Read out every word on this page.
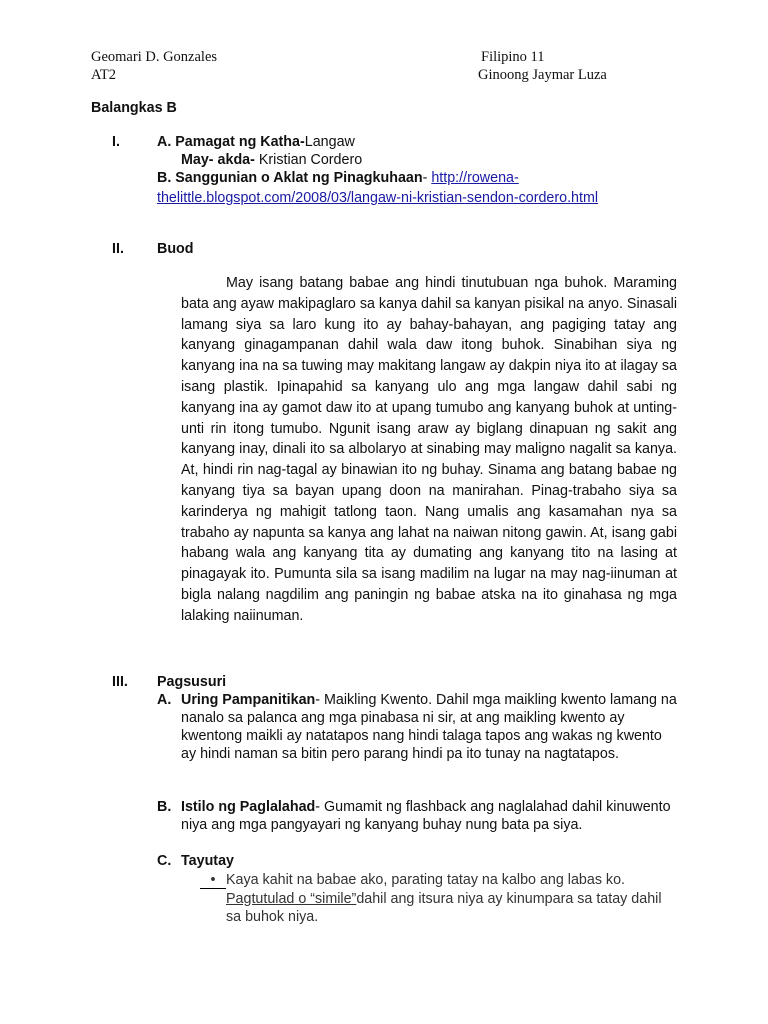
Geomari D. Gonzales
AT2
Filipino 11
Ginoong Jaymar Luza
Balangkas B
I.	A. Pamagat ng Katha-Langaw
May- akda- Kristian Cordero
B. Sanggunian o Aklat ng Pinagkuhaan- http://rowena-
thelittle.blogspot.com/2008/03/langaw-ni-kristian-sendon-cordero.html
II. Buod
May isang batang babae ang hindi tinutubuan nga buhok. Maraming bata ang ayaw makipaglaro sa kanya dahil sa kanyan pisikal na anyo. Sinasali lamang siya sa laro kung ito ay bahay-bahayan, ang pagiging tatay ang kanyang ginagampanan dahil wala daw itong buhok. Sinabihan siya ng kanyang ina na sa tuwing may makitang langaw ay dakpin niya ito at ilagay sa isang plastik. Ipinapahid sa kanyang ulo ang mga langaw dahil sabi ng kanyang ina ay gamot daw ito at upang tumubo ang kanyang buhok at unting-unti rin itong tumubo. Ngunit isang araw ay biglang dinapuan ng sakit ang kanyang inay, dinali ito sa albolaryo at sinabing may maligno nagalit sa kanya. At, hindi rin nag-tagal ay binawian ito ng buhay. Sinama ang batang babae ng kanyang tiya sa bayan upang doon na manirahan. Pinag-trabaho siya sa karinderya ng mahigit tatlong taon. Nang umalis ang kasamahan nya sa trabaho ay napunta sa kanya ang lahat na naiwan nitong gawin. At, isang gabi habang wala ang kanyang tita ay dumating ang kanyang tito na lasing at pinagayak ito. Pumunta sila sa isang madilim na lugar na may nag-iinuman at bigla nalang nagdilim ang paningin ng babae atska na ito ginahasa ng mga lalaking naiinuman.
III. Pagsusuri
A. Uring Pampanitikan- Maikling Kwento. Dahil mga maikling kwento lamang na nanalo sa palanca ang mga pinabasa ni sir, at ang maikling kwento ay kwentong maikli ay natatapos nang hindi talaga tapos ang wakas ng kwento ay hindi naman sa bitin pero parang hindi pa ito tunay na nagtatapos.
B. Istilo ng Paglalahad- Gumamit ng flashback ang naglalahad dahil kinuwento niya ang mga pangyayari ng kanyang buhay nung bata pa siya.
C. Tayutay
• Kaya kahit na babae ako, parating tatay na kalbo ang labas ko.
Pagtutulad o “simile”dahil ang itsura niya ay kinumpara sa tatay dahil sa buhok niya.
